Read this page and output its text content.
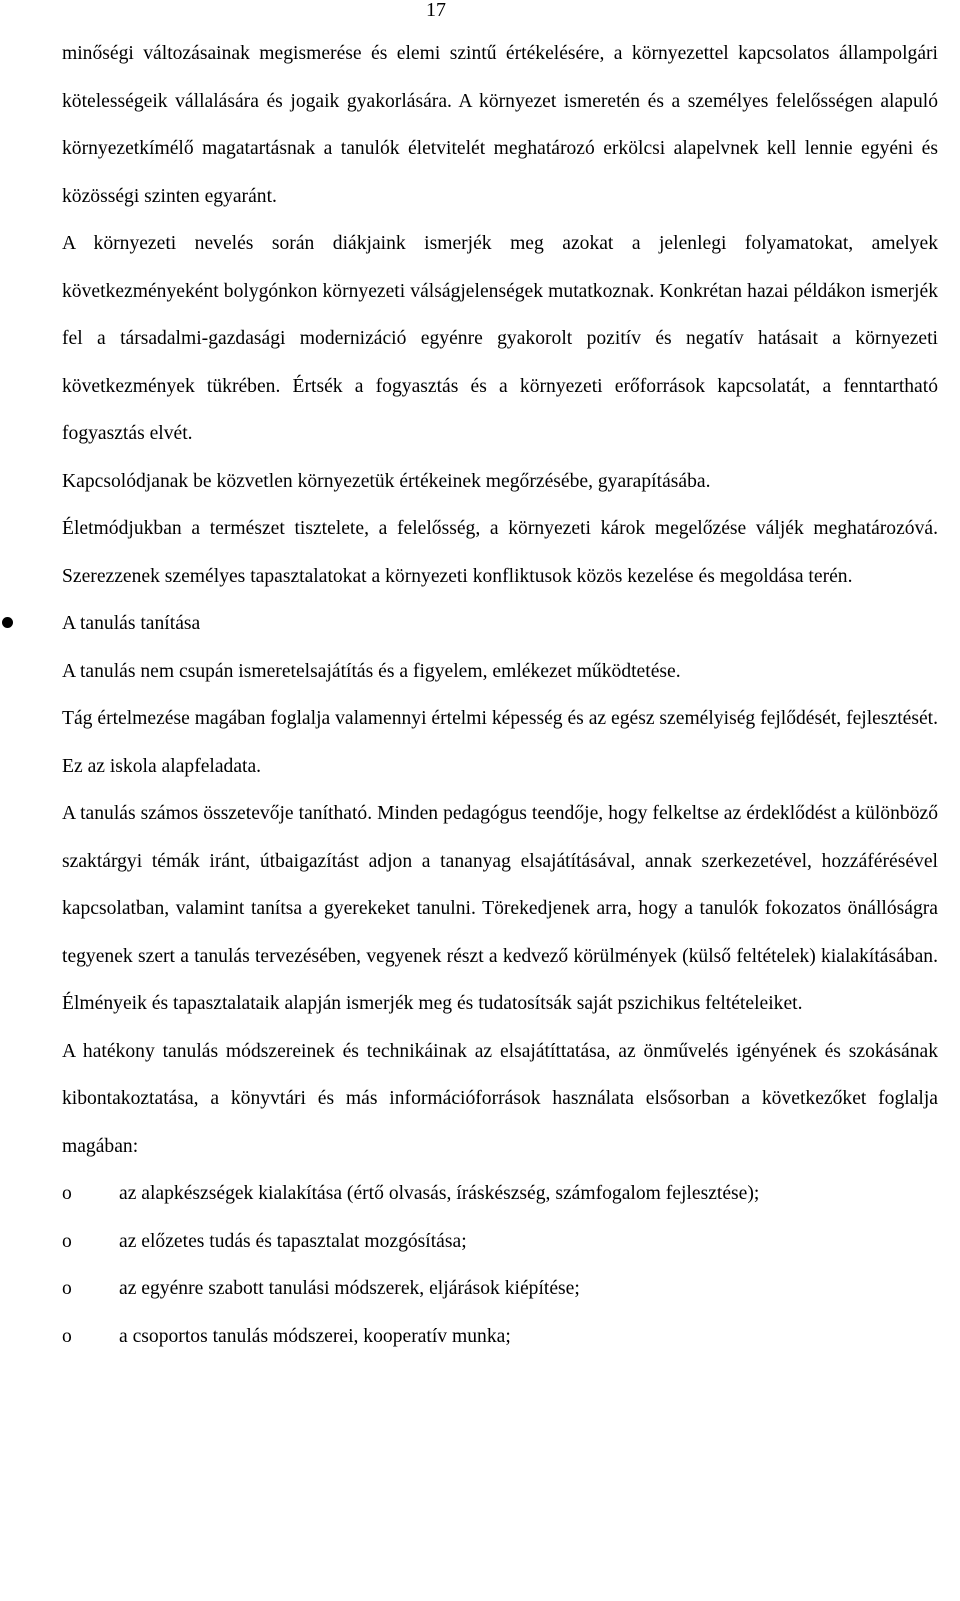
17

minőségi változásainak megismerése és elemi szintű értékelésére, a környezettel kapcsolatos állampolgári kötelességeik vállalására és jogaik gyakorlására. A környezet ismeretén és a személyes felelősségen alapuló környezetkímélő magatartásnak a tanulók életvitelét meghatározó erkölcsi alapelvnek kell lennie egyéni és közösségi szinten egyaránt.

A környezeti nevelés során diákjaink ismerjék meg azokat a jelenlegi folyamatokat, amelyek következményeként bolygónkon környezeti válságjelenségek mutatkoznak. Konkrétan hazai példákon ismerjék fel a társadalmi-gazdasági modernizáció egyénre gyakorolt pozitív és negatív hatásait a környezeti következmények tükrében. Értsék a fogyasztás és a környezeti erőforrások kapcsolatát, a fenntartható fogyasztás elvét.

Kapcsolódjanak be közvetlen környezetük értékeinek megőrzésébe, gyarapításába.

Életmódjukban a természet tisztelete, a felelősség, a környezeti károk megelőzése váljék meghatározóvá. Szerezzenek személyes tapasztalatokat a környezeti konfliktusok közös kezelése és megoldása terén.

A tanulás tanítása

A tanulás nem csupán ismeretelsajátítás és a figyelem, emlékezet működtetése.

Tág értelmezése magában foglalja valamennyi értelmi képesség és az egész személyiség fejlődését, fejlesztését. Ez az iskola alapfeladata.

A tanulás számos összetevője tanítható. Minden pedagógus teendője, hogy felkeltse az érdeklődést a különböző szaktárgyi témák iránt, útbaigazítást adjon a tananyag elsajátításával, annak szerkezetével, hozzáférésével kapcsolatban, valamint tanítsa a gyerekeket tanulni. Törekedjenek arra, hogy a tanulók fokozatos önállóságra tegyenek szert a tanulás tervezésében, vegyenek részt a kedvező körülmények (külső feltételek) kialakításában. Élményeik és tapasztalataik alapján ismerjék meg és tudatosítsák saját pszichikus feltételeiket.

A hatékony tanulás módszereinek és technikáinak az elsajátíttatása, az önművelés igényének és szokásának kibontakoztatása, a könyvtári és más információforrások használata elsősorban a következőket foglalja magában:

o az alapkészségek kialakítása (értő olvasás, íráskészség, számfogalom fejlesztése);
o az előzetes tudás és tapasztalat mozgósítása;
o az egyénre szabott tanulási módszerek, eljárások kiépítése;
o a csoportos tanulás módszerei, kooperatív munka;
